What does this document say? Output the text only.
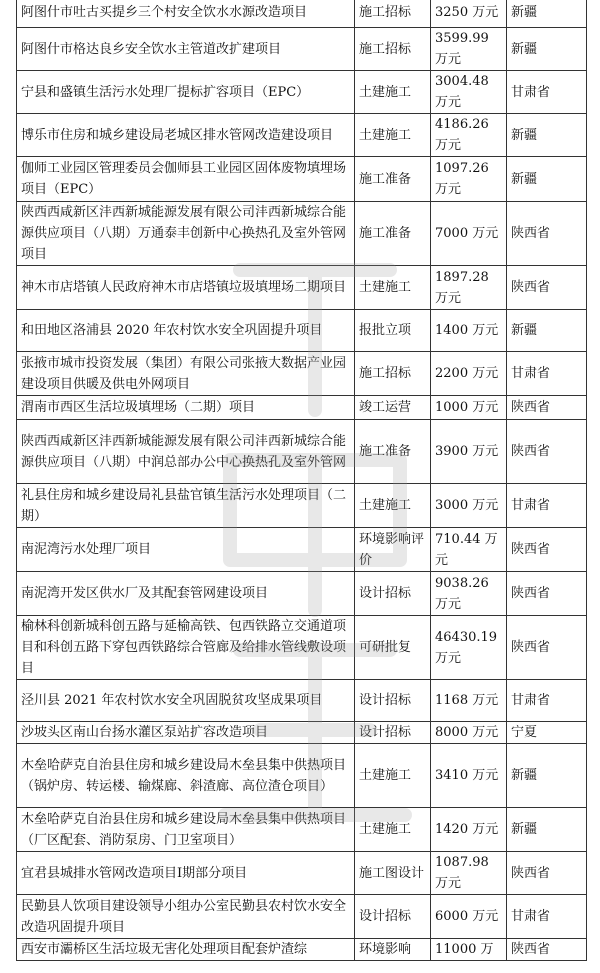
阿图什市吐古买提乡三个村安全饮水水源改造项目	施工招标	3250 万元	新疆
阿图什市格达良乡安全饮水主管道改扩建项目	施工招标	3599.99 万元	新疆
宁县和盛镇生活污水处理厂提标扩容项目（EPC）	土建施工	3004.48 万元	甘肃省
博乐市住房和城乡建设局老城区排水管网改造建设项目	土建施工	4186.26 万元	新疆
伽师工业园区管理委员会伽师县工业园区固体废物填埋场项目（EPC）	施工准备	1097.26 万元	新疆
陕西西咸新区沣西新城能源发展有限公司沣西新城综合能源供应项目（八期）万通泰丰创新中心换热孔及室外管网项目	施工准备	7000 万元	陕西省
神木市店塔镇人民政府神木市店塔镇垃圾填埋场二期项目	土建施工	1897.28 万元	陕西省
和田地区洛浦县 2020 年农村饮水安全巩固提升项目	报批立项	1400 万元	新疆
张掖市城市投资发展（集团）有限公司张掖大数据产业园建设项目供暖及供电外网项目	施工招标	2200 万元	甘肃省
渭南市西区生活垃圾填埋场（二期）项目	竣工运营	1000 万元	陕西省
陕西西咸新区沣西新城能源发展有限公司沣西新城综合能源供应项目（八期）中润总部办公中心换热孔及室外管网	施工准备	3900 万元	陕西省
礼县住房和城乡建设局礼县盐官镇生活污水处理项目（二期）	土建施工	3000 万元	甘肃省
南泥湾污水处理厂项目	环境影响评价	710.44 万元	陕西省
南泥湾开发区供水厂及其配套管网建设项目	设计招标	9038.26 万元	陕西省
榆林科创新城科创五路与延榆高铁、包西铁路立交通道项目和科创五路下穿包西铁路综合管廊及给排水管线敷设项目	可研批复	46430.19 万元	陕西省
泾川县 2021 年农村饮水安全巩固脱贫攻坚成果项目	设计招标	1168 万元	甘肃省
沙坡头区南山台扬水灌区泵站扩容改造项目	设计招标	8000 万元	宁夏
木垒哈萨克自治县住房和城乡建设局木垒县集中供热项目（锅炉房、转运楼、输煤廊、斜渣廊、高位渣仓项目）	土建施工	3410 万元	新疆
木垒哈萨克自治县住房和城乡建设局木垒县集中供热项目（厂区配套、消防泵房、门卫室项目）	土建施工	1420 万元	新疆
宜君县城排水管网改造项目Ⅰ期部分项目	施工图设计	1087.98 万元	陕西省
民勤县人饮项目建设领导小组办公室民勤县农村饮水安全改造巩固提升项目	设计招标	6000 万元	甘肃省
西安市灞桥区生活垃圾无害化处理项目配套炉渣综	环境影响	11000 万	陕西省
